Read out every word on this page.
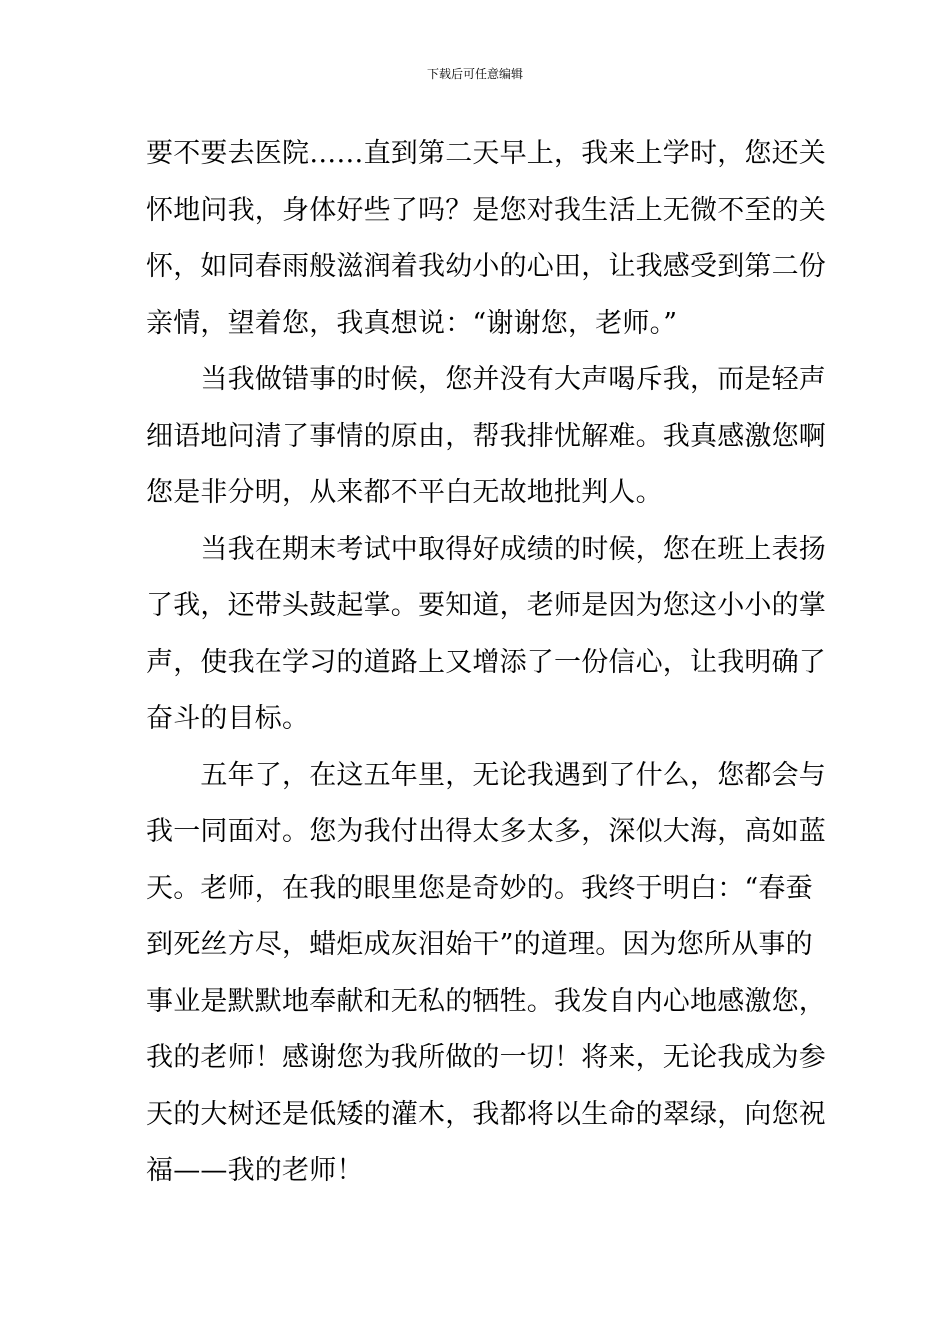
下载后可任意编辑
要不要去医院……直到第二天早上，我来上学时，您还关
怀地问我，身体好些了吗？是您对我生活上无微不至的关
怀，如同春雨般滋润着我幼小的心田，让我感受到第二份
亲情，望着您，我真想说：“谢谢您，老师。”
　　当我做错事的时候，您并没有大声喝斥我，而是轻声
细语地问清了事情的原由，帮我排忧解难。我真感激您啊
您是非分明，从来都不平白无故地批判人。
　　当我在期末考试中取得好成绩的时候，您在班上表扬
了我，还带头鼓起掌。要知道，老师是因为您这小小的掌
声，使我在学习的道路上又增添了一份信心，让我明确了
奋斗的目标。
　　五年了，在这五年里，无论我遇到了什么，您都会与
我一同面对。您为我付出得太多太多，深似大海，高如蓝
天。老师，在我的眼里您是奇妙的。我终于明白：“春蚕
到死丝方尽，蜡炬成灰泪始干”的道理。因为您所从事的
事业是默默地奉献和无私的牺牲。我发自内心地感激您，
我的老师！感谢您为我所做的一切！将来，无论我成为参
天的大树还是低矮的灌木，我都将以生命的翠绿，向您祝
福——我的老师！
